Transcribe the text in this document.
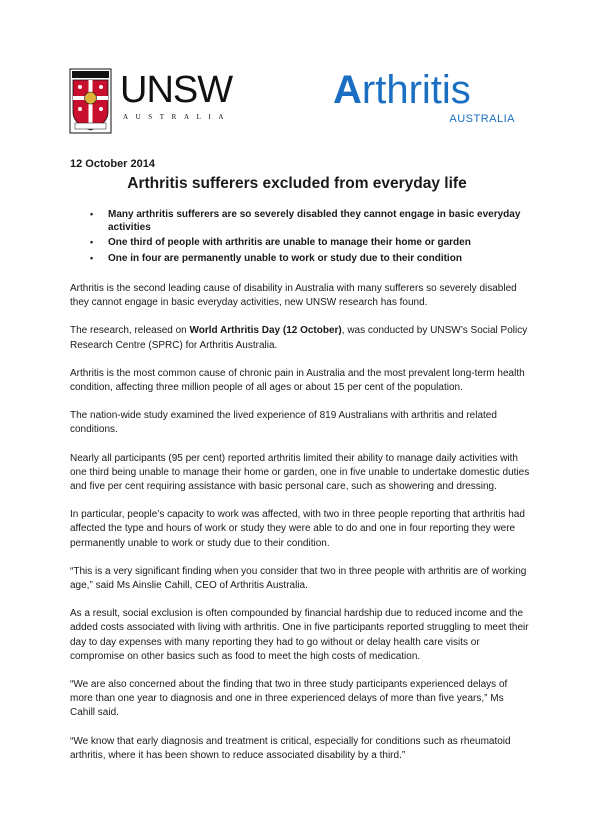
UNSW
AUSTRALIA
Arthritis
AUSTRALIA
12 October 2014
Arthritis sufferers excluded from everyday life
• Many arthritis sufferers are so severely disabled they cannot engage in basic everyday activities
• One third of people with arthritis are unable to manage their home or garden
• One in four are permanently unable to work or study due to their condition

Arthritis is the second leading cause of disability in Australia with many sufferers so severely disabled they cannot engage in basic everyday activities, new UNSW research has found.

The research, released on World Arthritis Day (12 October), was conducted by UNSW’s Social Policy Research Centre (SPRC) for Arthritis Australia.

Arthritis is the most common cause of chronic pain in Australia and the most prevalent long-term health condition, affecting three million people of all ages or about 15 per cent of the population.

The nation-wide study examined the lived experience of 819 Australians with arthritis and related conditions.

Nearly all participants (95 per cent) reported arthritis limited their ability to manage daily activities with one third being unable to manage their home or garden, one in five unable to undertake domestic duties and five per cent requiring assistance with basic personal care, such as showering and dressing.

In particular, people’s capacity to work was affected, with two in three people reporting that arthritis had affected the type and hours of work or study they were able to do and one in four reporting they were permanently unable to work or study due to their condition.

“This is a very significant finding when you consider that two in three people with arthritis are of working age,” said Ms Ainslie Cahill, CEO of Arthritis Australia.

As a result, social exclusion is often compounded by financial hardship due to reduced income and the added costs associated with living with arthritis. One in five participants reported struggling to meet their day to day expenses with many reporting they had to go without or delay health care visits or compromise on other basics such as food to meet the high costs of medication.

“We are also concerned about the finding that two in three study participants experienced delays of more than one year to diagnosis and one in three experienced delays of more than five years,” Ms Cahill said.

“We know that early diagnosis and treatment is critical, especially for conditions such as rheumatoid arthritis, where it has been shown to reduce associated disability by a third.”
